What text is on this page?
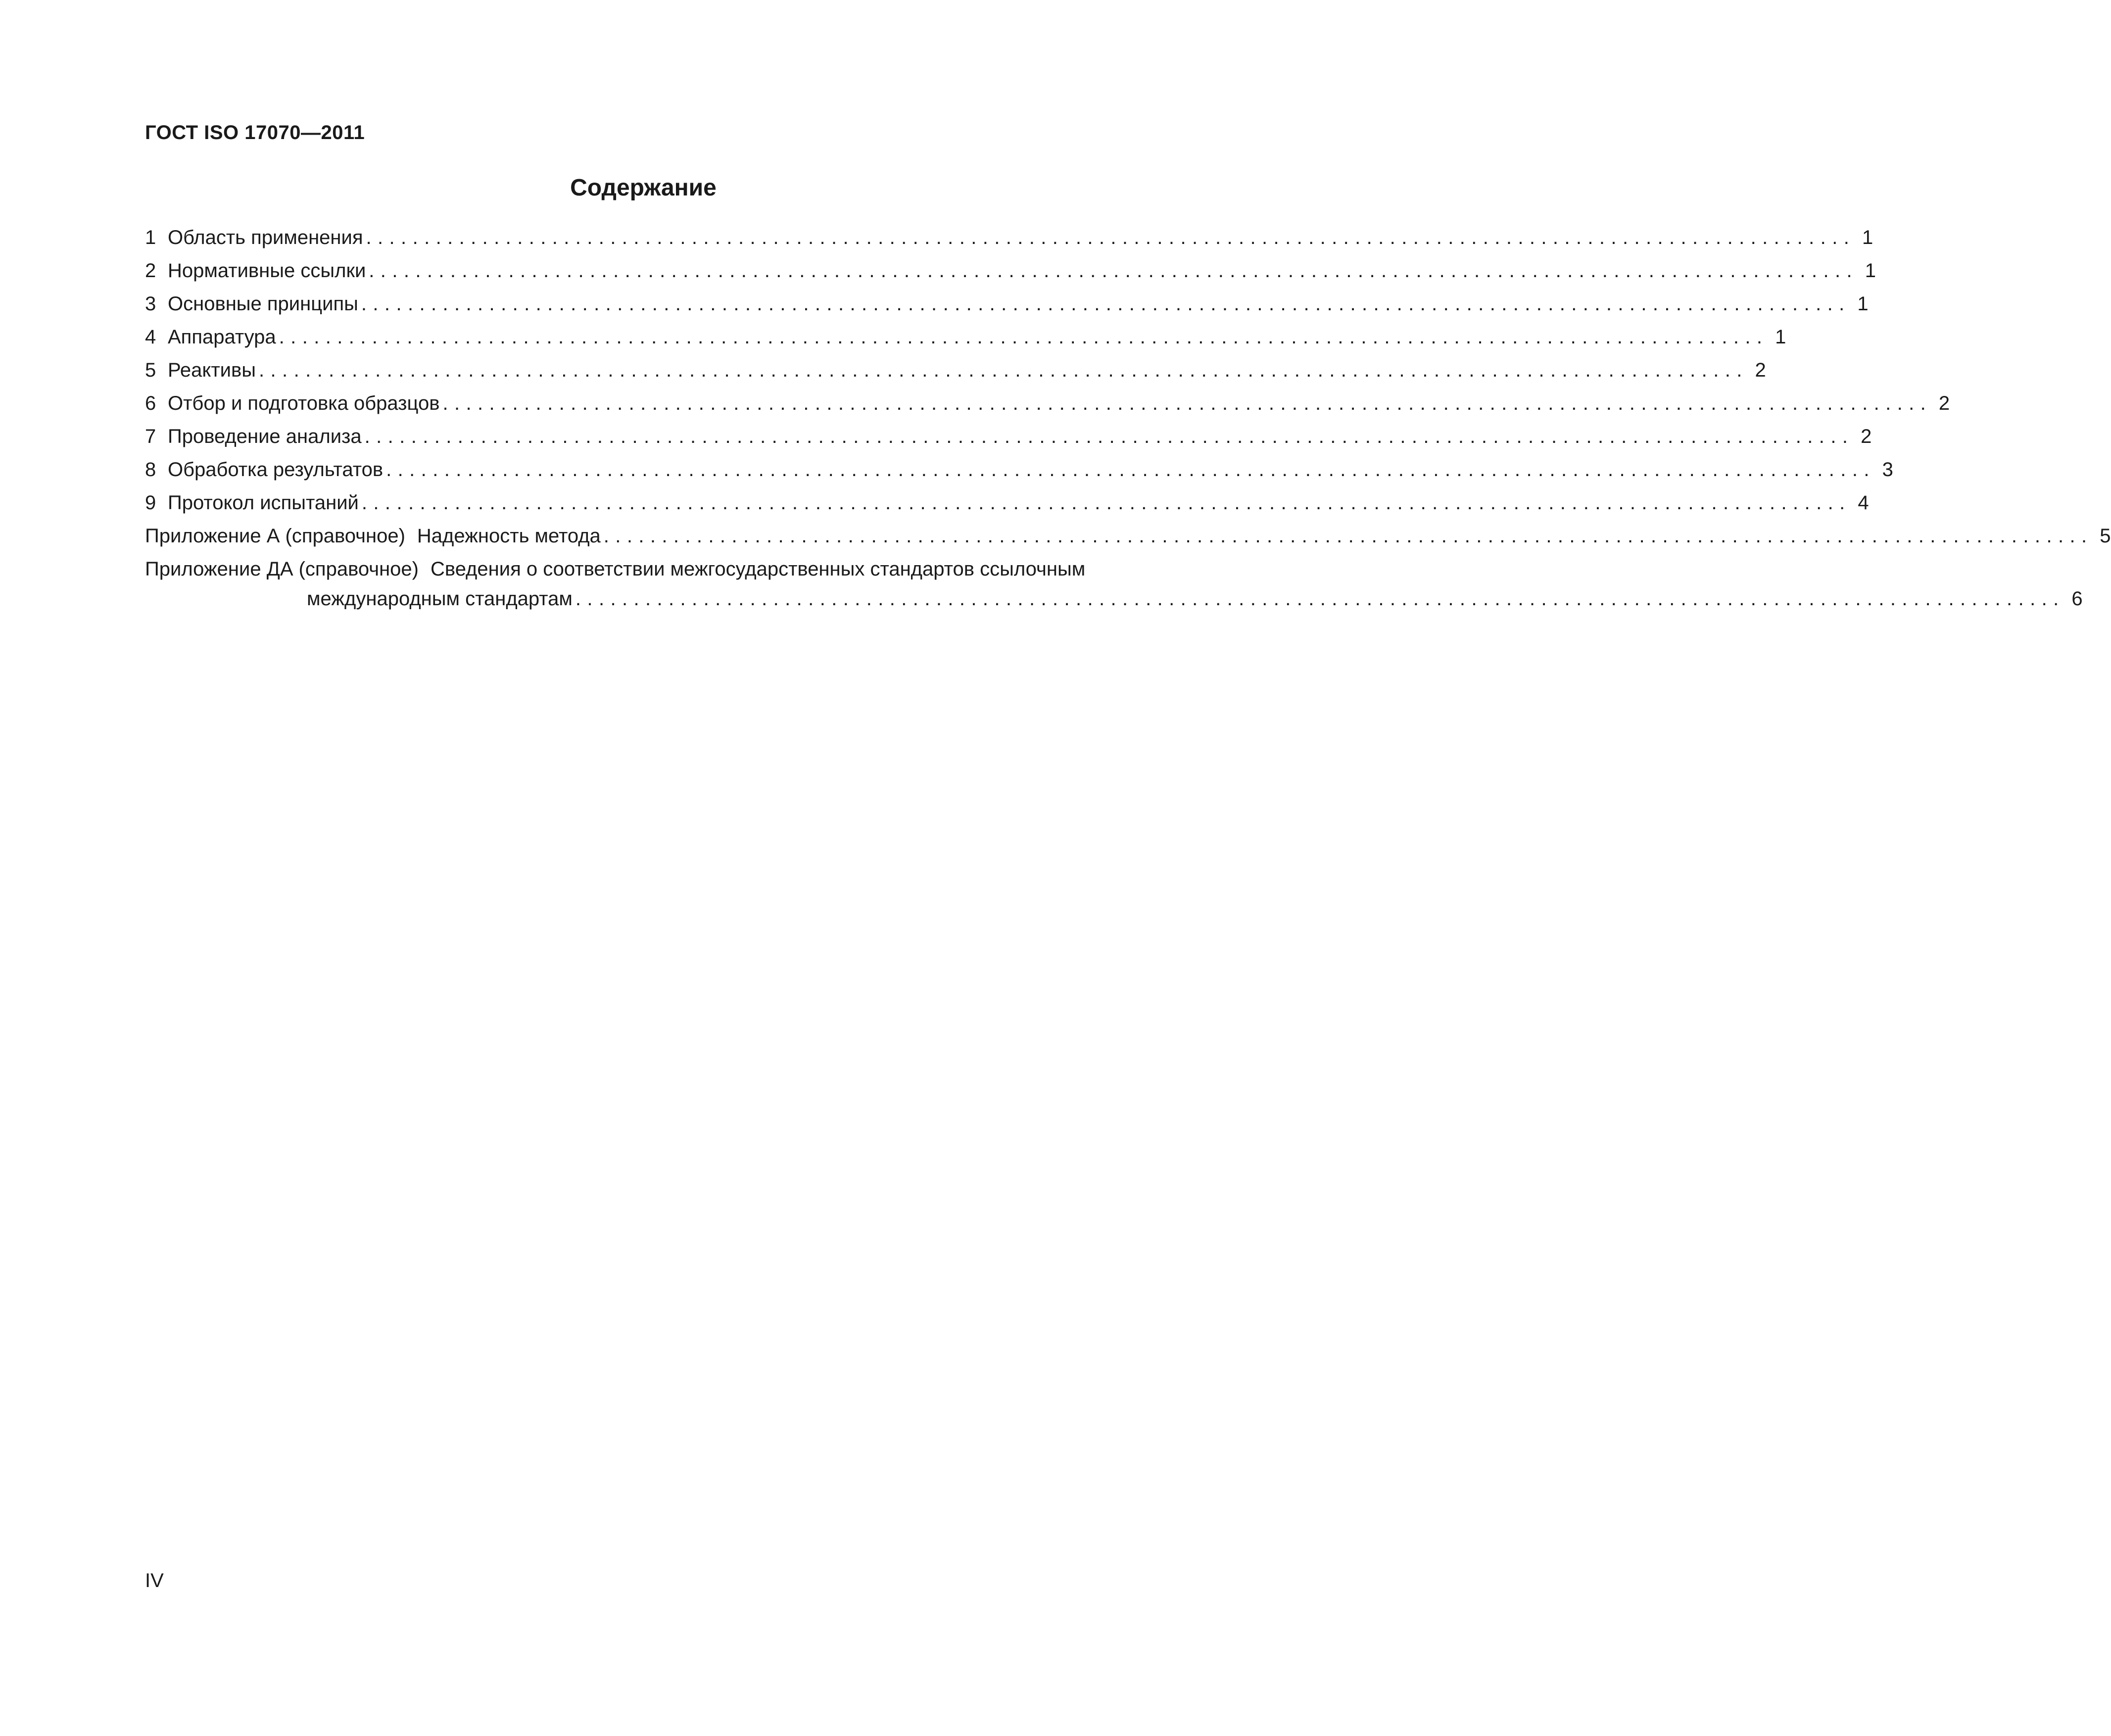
ГОСТ ISO 17070—2011
Содержание
1 Область применения ................................................................................................................................ 1
2 Нормативные ссылки ................................................................................................................................ 1
3 Основные принципы ................................................................................................................................ 1
4 Аппаратура ................................................................................................................................ 1
5 Реактивы ................................................................................................................................ 2
6 Отбор и подготовка образцов ................................................................................................................................ 2
7 Проведение анализа ................................................................................................................................ 2
8 Обработка результатов ................................................................................................................................ 3
9 Протокол испытаний ................................................................................................................................ 4
Приложение А (справочное) Надежность метода ................................................................................................................................ 5
Приложение ДА (справочное) Сведения о соответствии межгосударственных стандартов ссылочным
международным стандартам ................................................................................................................................ 6
IV
